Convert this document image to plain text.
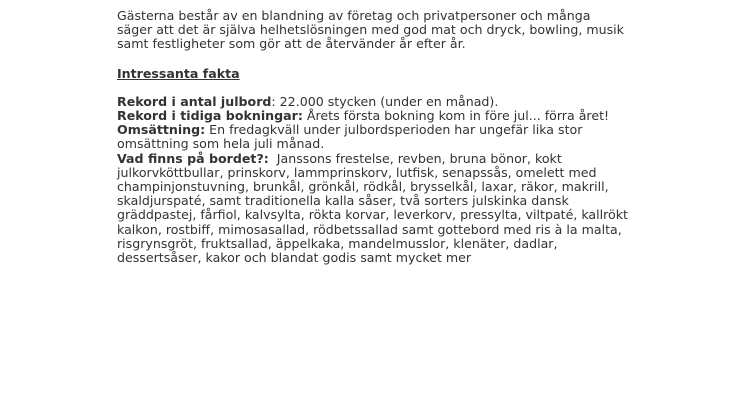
Gästerna består av en blandning av företag och privatpersoner och många säger att det är själva helhetslösningen med god mat och dryck, bowling, musik samt festligheter som gör att de återvänder år efter år.

Intressanta fakta

Rekord i antal julbord: 22.000 stycken (under en månad).

Rekord i tidiga bokningar: Årets första bokning kom in före jul... förra året!

Omsättning: En fredagkväll under julbordsperioden har ungefär lika stor omsättning som hela juli månad.

Vad finns på bordet?:  Janssons frestelse, revben, bruna bönor, kokt julkorvköttbullar, prinskorv, lammprinskorv, lutfisk, senapssås, omelett med champinjonstuvning, brunkål, grönkål, rödkål, brysselkål, laxar, räkor, makrill,  skaldjurspaté, samt traditionella kalla såser, två sorters julskinka dansk gräddpastej, fårfiol, kalvsylta, rökta korvar, leverkorv, pressylta, viltpaté, kallrökt kalkon, rostbiff, mimosasallad, rödbetssallad samt gottebord med ris à la malta, risgrynsgröt, fruktsallad, äppelkaka, mandelmusslor, klenäter, dadlar, dessertsåser, kakor och blandat godis samt mycket mer
